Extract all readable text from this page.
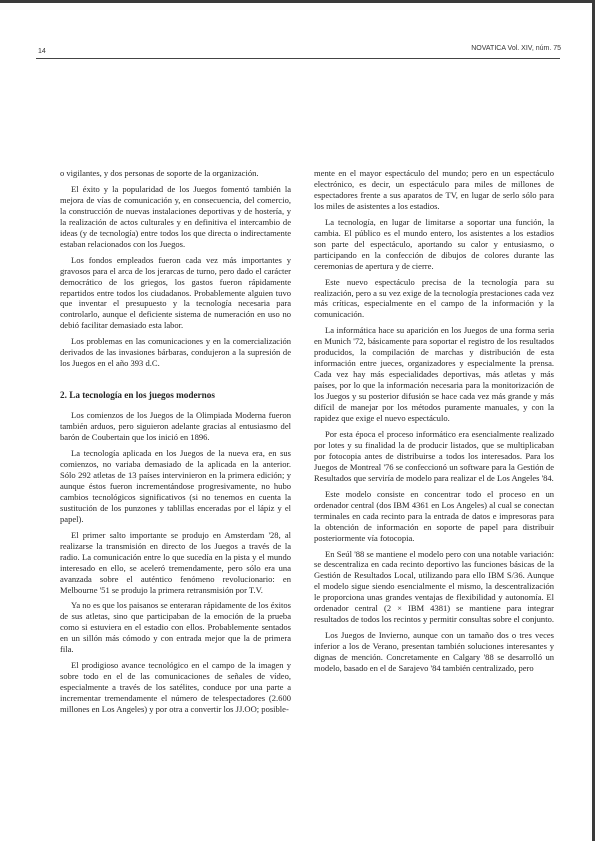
14	NOVATICA Vol. XIV, núm. 75

o vigilantes, y dos personas de soporte de la organización.

El éxito y la popularidad de los Juegos fomentó también la mejora de vías de comunicación y, en consecuencia, del comercio, la construcción de nuevas instalaciones deportivas y de hostería, y la realización de actos culturales y en definitiva el intercambio de ideas (y de tecnología) entre todos los que directa o indirectamente estaban relacionados con los Juegos.

Los fondos empleados fueron cada vez más importantes y gravosos para el arca de los jerarcas de turno, pero dado el carácter democrático de los griegos, los gastos fueron rápidamente repartidos entre todos los ciudadanos. Probablemente alguien tuvo que inventar el presupuesto y la tecnología necesaria para controlarlo, aunque el deficiente sistema de numeración en uso no debió facilitar demasiado esta labor.

Los problemas en las comunicaciones y en la comercialización derivados de las invasiones bárbaras, condujeron a la supresión de los Juegos en el año 393 d.C.

2. La tecnología en los juegos modernos

Los comienzos de los Juegos de la Olimpiada Moderna fueron también arduos, pero siguieron adelante gracias al entusiasmo del barón de Coubertain que los inició en 1896.

La tecnología aplicada en los Juegos de la nueva era, en sus comienzos, no variaba demasiado de la aplicada en la anterior. Sólo 292 atletas de 13 países intervinieron en la primera edición; y aunque éstos fueron incrementándose progresivamente, no hubo cambios tecnológicos significativos (si no tenemos en cuenta la sustitución de los punzones y tablillas enceradas por el lápiz y el papel).

El primer salto importante se produjo en Amsterdam '28, al realizarse la transmisión en directo de los Juegos a través de la radio. La comunicación entre lo que sucedía en la pista y el mundo interesado en ello, se aceleró tremendamente, pero sólo era una avanzada sobre el auténtico fenómeno revolucionario: en Melbourne '51 se produjo la primera retransmisión por T.V.

Ya no es que los paisanos se enteraran rápidamente de los éxitos de sus atletas, sino que participaban de la emoción de la prueba como si estuviera en el estadio con ellos. Probablemente sentados en un sillón más cómodo y con entrada mejor que la de primera fila.

El prodigioso avance tecnológico en el campo de la imagen y sobre todo en el de las comunicaciones de señales de vídeo, especialmente a través de los satélites, conduce por una parte a incrementar tremendamente el número de telespectadores (2.600 millones en Los Angeles) y por otra a convertir los JJ.OO; posible-

mente en el mayor espectáculo del mundo; pero en un espectáculo electrónico, es decir, un espectáculo para miles de millones de espectadores frente a sus aparatos de TV, en lugar de serlo sólo para los miles de asistentes a los estadios.

La tecnología, en lugar de limitarse a soportar una función, la cambia. El público es el mundo entero, los asistentes a los estadios son parte del espectáculo, aportando su calor y entusiasmo, o participando en la confección de dibujos de colores durante las ceremonias de apertura y de cierre.

Este nuevo espectáculo precisa de la tecnología para su realización, pero a su vez exige de la tecnología prestaciones cada vez más críticas, especialmente en el campo de la información y la comunicación.

La informática hace su aparición en los Juegos de una forma seria en Munich '72, básicamente para soportar el registro de los resultados producidos, la compilación de marchas y distribución de esta información entre jueces, organizadores y especialmente la prensa. Cada vez hay más especialidades deportivas, más atletas y más países, por lo que la información necesaria para la monitorización de los Juegos y su posterior difusión se hace cada vez más grande y más difícil de manejar por los métodos puramente manuales, y con la rapidez que exige el nuevo espectáculo.

Por esta época el proceso informático era esencialmente realizado por lotes y su finalidad la de producir listados, que se multiplicaban por fotocopia antes de distribuirse a todos los interesados. Para los Juegos de Montreal '76 se confeccionó un software para la Gestión de Resultados que serviría de modelo para realizar el de Los Angeles '84.

Este modelo consiste en concentrar todo el proceso en un ordenador central (dos IBM 4361 en Los Angeles) al cual se conectan terminales en cada recinto para la entrada de datos e impresoras para la obtención de información en soporte de papel para distribuir posteriormente vía fotocopia.

En Seúl '88 se mantiene el modelo pero con una notable variación: se descentraliza en cada recinto deportivo las funciones básicas de la Gestión de Resultados Local, utilizando para ello IBM S/36. Aunque el modelo sigue siendo esencialmente el mismo, la descentralización le proporciona unas grandes ventajas de flexibilidad y autonomía. El ordenador central (2 × IBM 4381) se mantiene para integrar resultados de todos los recintos y permitir consultas sobre el conjunto.

Los Juegos de Invierno, aunque con un tamaño dos o tres veces inferior a los de Verano, presentan también soluciones interesantes y dignas de mención. Concretamente en Calgary '88 se desarrolló un modelo, basado en el de Sarajevo '84 también centralizado, pero
